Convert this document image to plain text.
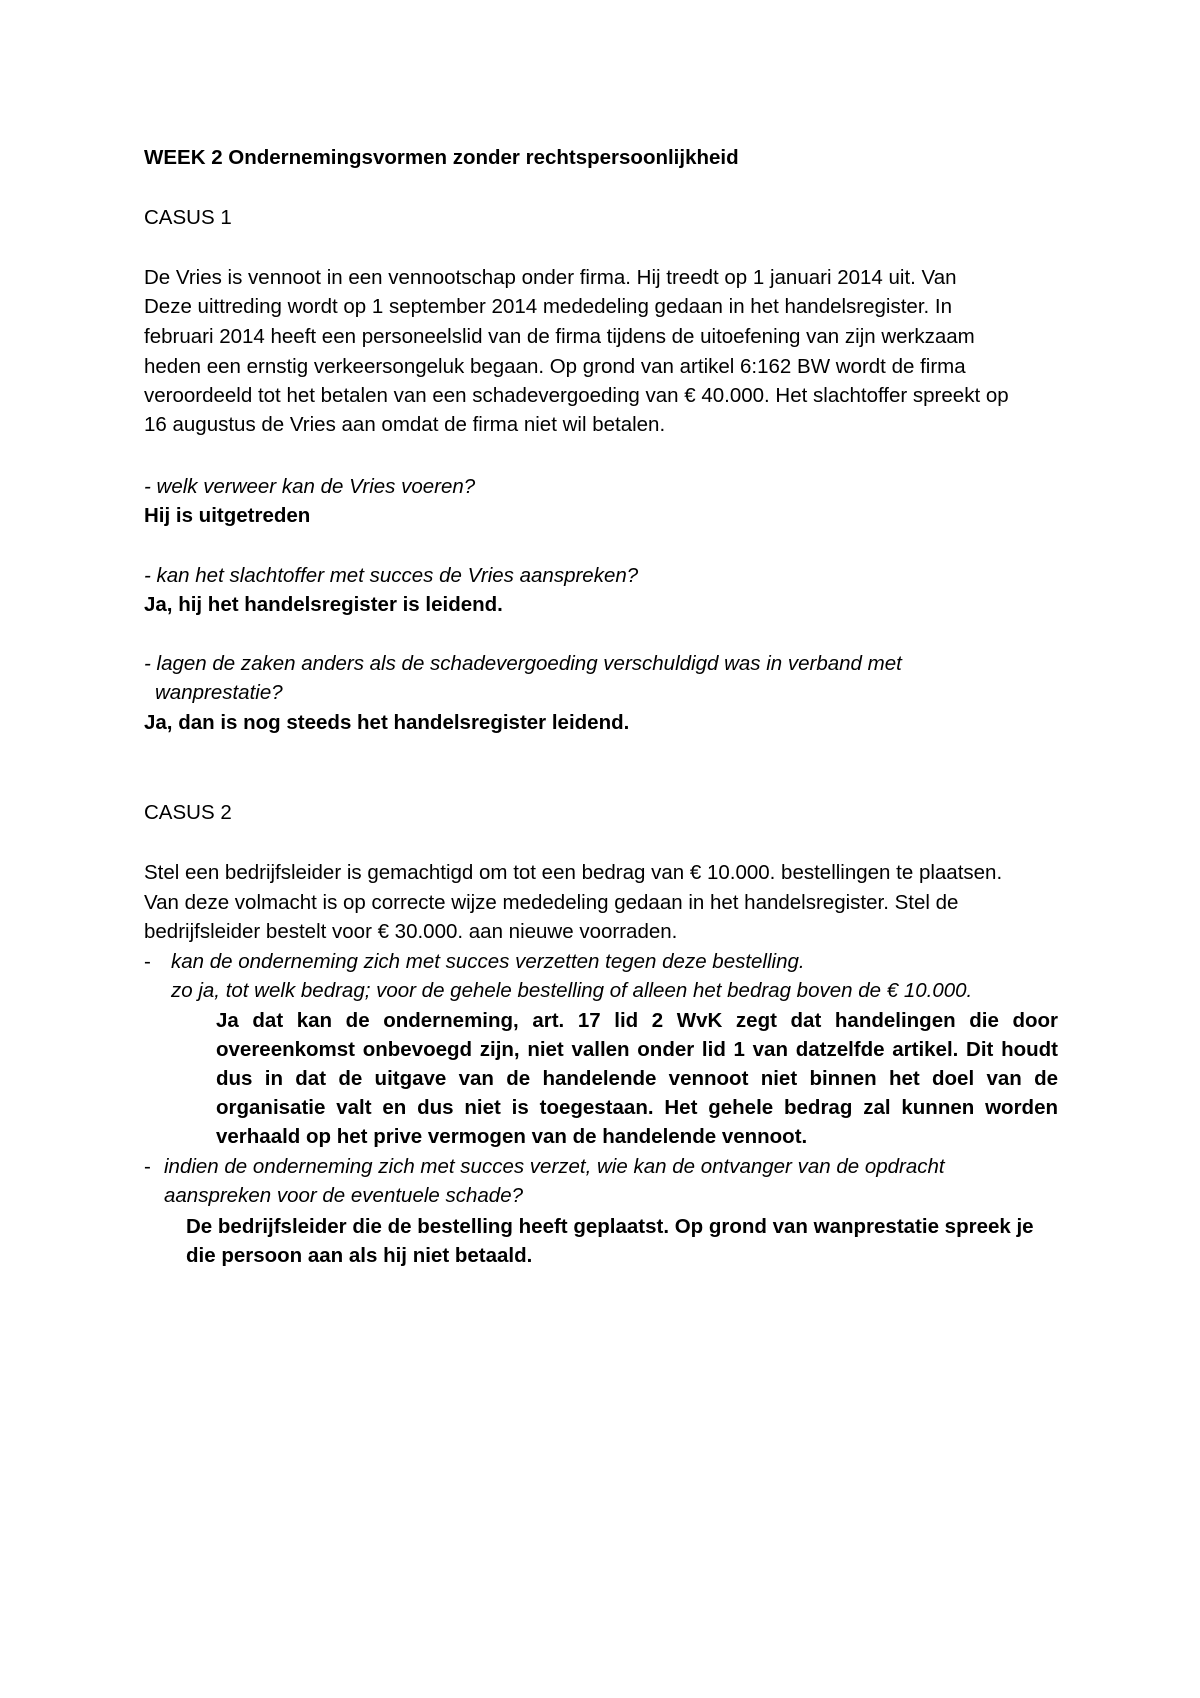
WEEK 2 Ondernemingsvormen zonder rechtspersoonlijkheid

CASUS 1

De Vries is vennoot in een vennootschap onder firma. Hij treedt op 1 januari 2014 uit. Van

Deze uittreding wordt op 1 september 2014 mededeling gedaan in het handelsregister. In

februari 2014 heeft een personeelslid van de firma tijdens de uitoefening van zijn werkzaam

heden een ernstig verkeersongeluk begaan. Op grond van artikel 6:162 BW wordt de firma

veroordeeld tot het betalen van een schadevergoeding van € 40.000. Het slachtoffer spreekt op

16 augustus de Vries aan omdat de firma niet wil betalen.

- welk verweer kan de Vries voeren?

Hij is uitgetreden

- kan het slachtoffer met succes de Vries aanspreken?

Ja, hij het handelsregister is leidend.

- lagen de zaken anders als de schadevergoeding verschuldigd was in verband met

wanprestatie?

Ja, dan is nog steeds het handelsregister leidend.

CASUS 2

Stel een bedrijfsleider is gemachtigd om tot een bedrag van € 10.000. bestellingen te plaatsen.

Van deze volmacht is op correcte wijze mededeling gedaan in het handelsregister. Stel de

bedrijfsleider bestelt voor € 30.000. aan nieuwe voorraden.

- kan de onderneming zich met succes verzetten tegen deze bestelling.

zo ja, tot welk bedrag; voor de gehele bestelling of alleen het bedrag boven de € 10.000.

Ja dat kan de onderneming, art. 17 lid 2 WvK zegt dat handelingen die door overeenkomst onbevoegd zijn, niet vallen onder lid 1 van datzelfde artikel. Dit houdt dus in dat de uitgave van de handelende vennoot niet binnen het doel van de organisatie valt en dus niet is toegestaan. Het gehele bedrag zal kunnen worden verhaald op het prive vermogen van de handelende vennoot.

- indien de onderneming zich met succes verzet, wie kan de ontvanger van de opdracht

aanspreken voor de eventuele schade?

De bedrijfsleider die de bestelling heeft geplaatst. Op grond van wanprestatie spreek je die persoon aan als hij niet betaald.
